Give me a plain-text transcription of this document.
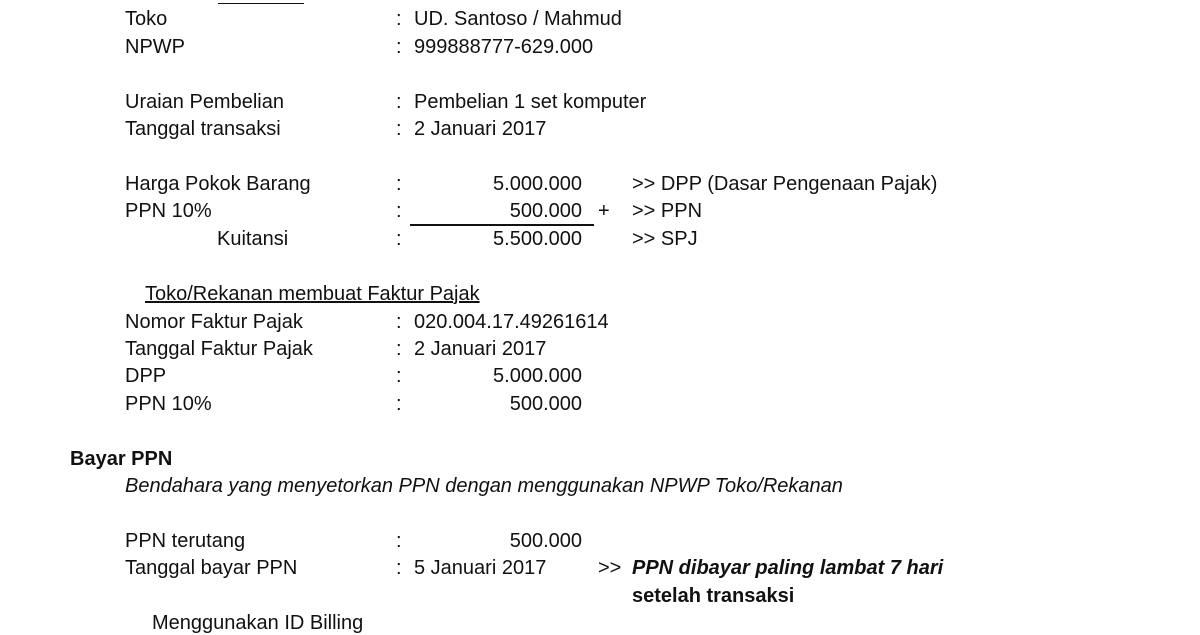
Toko	: UD. Santoso / Mahmud
NPWP	: 999888777-629.000
Uraian Pembelian	: Pembelian 1 set komputer
Tanggal transaksi	: 2 Januari 2017
Harga Pokok Barang	:	5.000.000	>> DPP (Dasar Pengenaan Pajak)
PPN 10%	:	500.000 + >> PPN
Kuitansi	:	5.500.000	>> SPJ
Toko/Rekanan membuat Faktur Pajak
Nomor Faktur Pajak	: 020.004.17.49261614
Tanggal Faktur Pajak	: 2 Januari 2017
DPP	:	5.000.000
PPN 10%	:	500.000
Bayar PPN
Bendahara yang menyetorkan PPN dengan menggunakan NPWP Toko/Rekanan
PPN terutang	:	500.000
Tanggal bayar PPN	: 5 Januari 2017	>> PPN dibayar paling lambat 7 hari
setelah transaksi
Menggunakan ID Billing
